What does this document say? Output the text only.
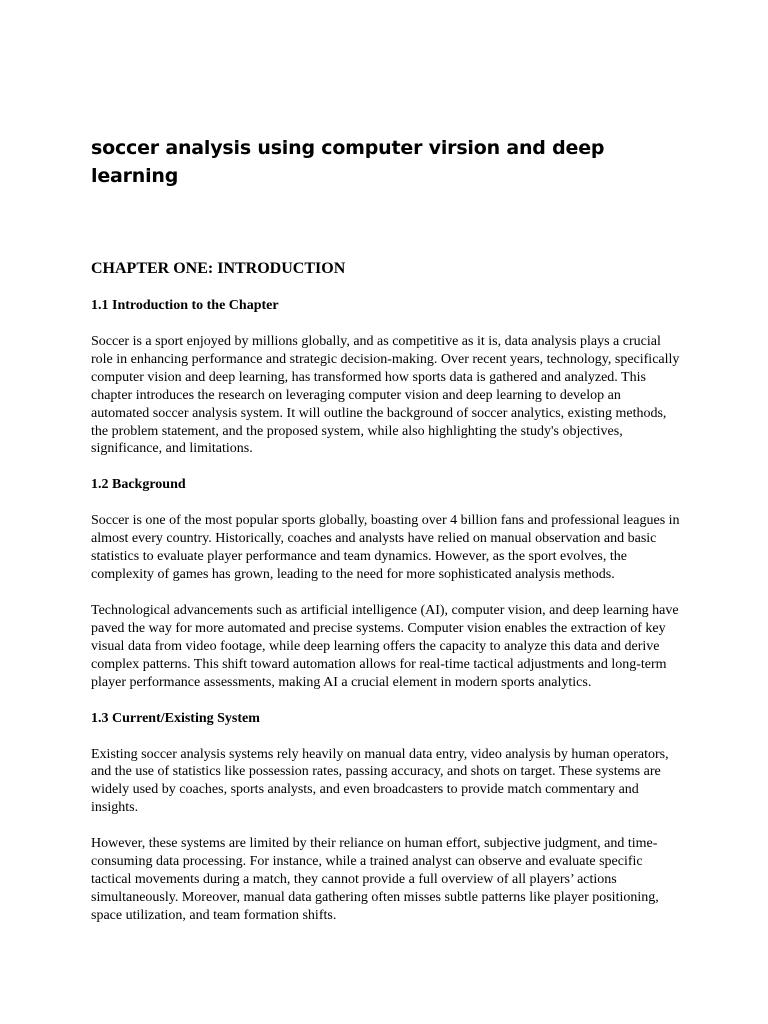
soccer analysis using computer virsion and deep learning
CHAPTER ONE: INTRODUCTION
1.1 Introduction to the Chapter

Soccer is a sport enjoyed by millions globally, and as competitive as it is, data analysis plays a crucial role in enhancing performance and strategic decision-making. Over recent years, technology, specifically computer vision and deep learning, has transformed how sports data is gathered and analyzed. This chapter introduces the research on leveraging computer vision and deep learning to develop an automated soccer analysis system. It will outline the background of soccer analytics, existing methods, the problem statement, and the proposed system, while also highlighting the study's objectives, significance, and limitations.

1.2 Background

Soccer is one of the most popular sports globally, boasting over 4 billion fans and professional leagues in almost every country. Historically, coaches and analysts have relied on manual observation and basic statistics to evaluate player performance and team dynamics. However, as the sport evolves, the complexity of games has grown, leading to the need for more sophisticated analysis methods.

Technological advancements such as artificial intelligence (AI), computer vision, and deep learning have paved the way for more automated and precise systems. Computer vision enables the extraction of key visual data from video footage, while deep learning offers the capacity to analyze this data and derive complex patterns. This shift toward automation allows for real-time tactical adjustments and long-term player performance assessments, making AI a crucial element in modern sports analytics.

1.3 Current/Existing System

Existing soccer analysis systems rely heavily on manual data entry, video analysis by human operators, and the use of statistics like possession rates, passing accuracy, and shots on target. These systems are widely used by coaches, sports analysts, and even broadcasters to provide match commentary and insights.

However, these systems are limited by their reliance on human effort, subjective judgment, and time-consuming data processing. For instance, while a trained analyst can observe and evaluate specific tactical movements during a match, they cannot provide a full overview of all players’ actions simultaneously. Moreover, manual data gathering often misses subtle patterns like player positioning, space utilization, and team formation shifts.
